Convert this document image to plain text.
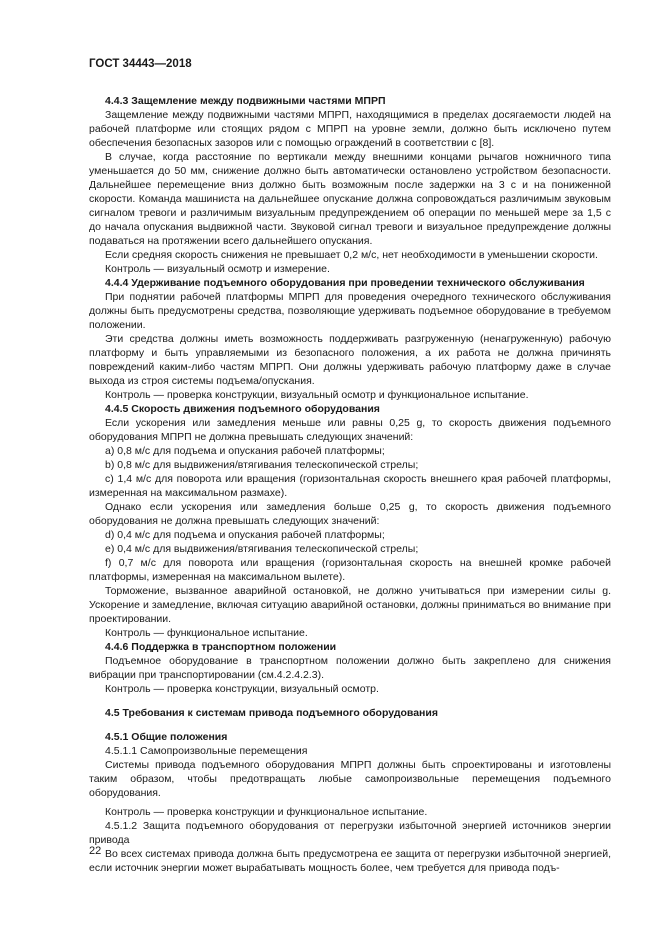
ГОСТ 34443—2018

4.4.3 Защемление между подвижными частями МПРП

Защемление между подвижными частями МПРП, находящимися в пределах досягаемости людей на рабочей платформе или стоящих рядом с МПРП на уровне земли, должно быть исключено путем обеспечения безопасных зазоров или с помощью ограждений в соответствии с [8].

В случае, когда расстояние по вертикали между внешними концами рычагов ножничного типа уменьшается до 50 мм, снижение должно быть автоматически остановлено устройством безопасности. Дальнейшее перемещение вниз должно быть возможным после задержки на 3 с и на пониженной скорости. Команда машиниста на дальнейшее опускание должна сопровождаться различимым звуковым сигналом тревоги и различимым визуальным предупреждением об операции по меньшей мере за 1,5 с до начала опускания выдвижной части. Звуковой сигнал тревоги и визуальное предупреждение должны подаваться на протяжении всего дальнейшего опускания.

Если средняя скорость снижения не превышает 0,2 м/с, нет необходимости в уменьшении скорости.

Контроль — визуальный осмотр и измерение.

4.4.4 Удерживание подъемного оборудования при проведении технического обслуживания

При поднятии рабочей платформы МПРП для проведения очередного технического обслуживания должны быть предусмотрены средства, позволяющие удерживать подъемное оборудование в требуемом положении.

Эти средства должны иметь возможность поддерживать разгруженную (ненагруженную) рабочую платформу и быть управляемыми из безопасного положения, а их работа не должна причинять повреждений каким-либо частям МПРП. Они должны удерживать рабочую платформу даже в случае выхода из строя системы подъема/опускания.

Контроль — проверка конструкции, визуальный осмотр и функциональное испытание.

4.4.5 Скорость движения подъемного оборудования

Если ускорения или замедления меньше или равны 0,25 g, то скорость движения подъемного оборудования МПРП не должна превышать следующих значений:

a) 0,8 м/с для подъема и опускания рабочей платформы;

b) 0,8 м/с для выдвижения/втягивания телескопической стрелы;

c) 1,4 м/с для поворота или вращения (горизонтальная скорость внешнего края рабочей платформы, измеренная на максимальном размахе).

Однако если ускорения или замедления больше 0,25 g, то скорость движения подъемного оборудования не должна превышать следующих значений:

d) 0,4 м/с для подъема и опускания рабочей платформы;

e) 0,4 м/с для выдвижения/втягивания телескопической стрелы;

f) 0,7 м/с для поворота или вращения (горизонтальная скорость на внешней кромке рабочей платформы, измеренная на максимальном вылете).

Торможение, вызванное аварийной остановкой, не должно учитываться при измерении силы g. Ускорение и замедление, включая ситуацию аварийной остановки, должны приниматься во внимание при проектировании.

Контроль — функциональное испытание.

4.4.6 Поддержка в транспортном положении

Подъемное оборудование в транспортном положении должно быть закреплено для снижения вибрации при транспортировании (см.4.2.4.2.3).

Контроль — проверка конструкции, визуальный осмотр.

4.5 Требования к системам привода подъемного оборудования

4.5.1 Общие положения

4.5.1.1 Самопроизвольные перемещения

Системы привода подъемного оборудования МПРП должны быть спроектированы и изготовлены таким образом, чтобы предотвращать любые самопроизвольные перемещения подъемного оборудования.

Контроль — проверка конструкции и функциональное испытание.

4.5.1.2 Защита подъемного оборудования от перегрузки избыточной энергией источников энергии привода

Во всех системах привода должна быть предусмотрена ее защита от перегрузки избыточной энергией, если источник энергии может вырабатывать мощность более, чем требуется для привода подъ-

22
